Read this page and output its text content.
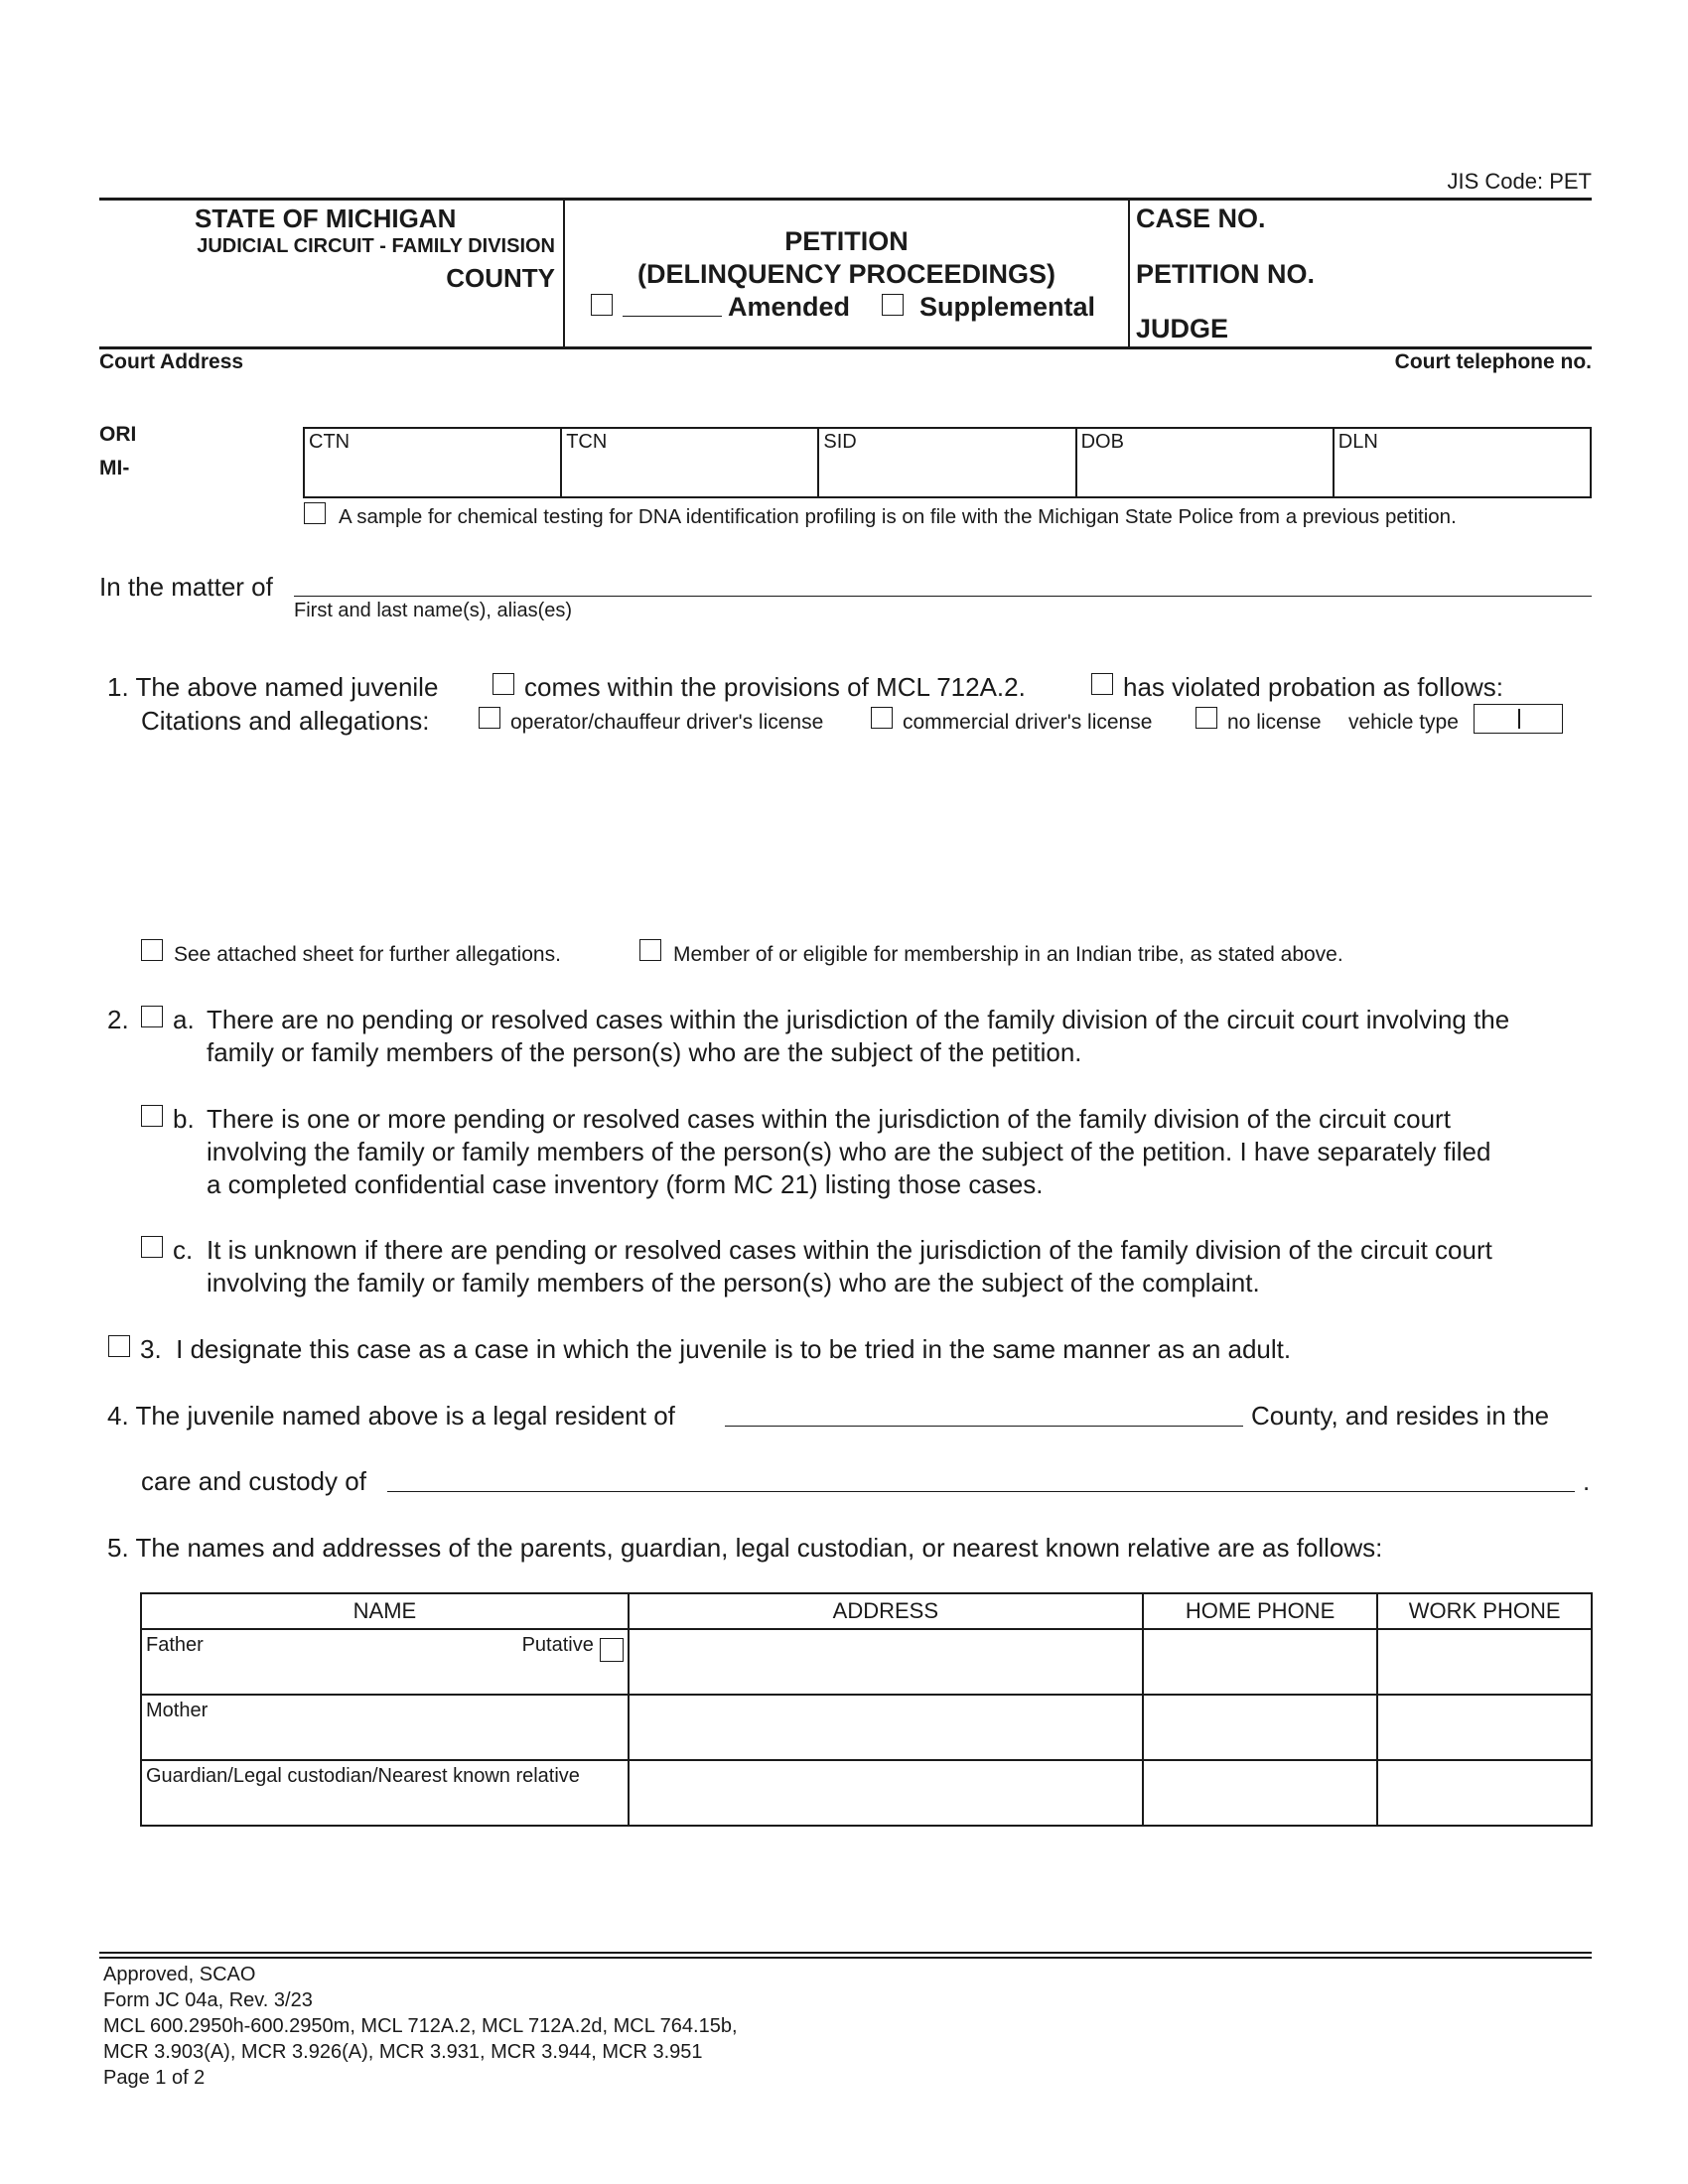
JIS Code: PET
STATE OF MICHIGAN
JUDICIAL CIRCUIT - FAMILY DIVISION
COUNTY
PETITION
(DELINQUENCY PROCEEDINGS)
Amended	Supplemental
CASE NO.
PETITION NO.
JUDGE
Court Address	Court telephone no.
ORI
MI-
CTN	TCN	SID	DOB	DLN
A sample for chemical testing for DNA identification profiling is on file with the Michigan State Police from a previous petition.
In the matter of
First and last name(s), alias(es)
1. The above named juvenile	comes within the provisions of MCL 712A.2.	has violated probation as follows:
Citations and allegations:	operator/chauffeur driver's license	commercial driver's license	no license vehicle type
See attached sheet for further allegations.	Member of or eligible for membership in an Indian tribe, as stated above.
2. a. There are no pending or resolved cases within the jurisdiction of the family division of the circuit court involving the
family or family members of the person(s) who are the subject of the petition.
b. There is one or more pending or resolved cases within the jurisdiction of the family division of the circuit court
involving the family or family members of the person(s) who are the subject of the petition. I have separately filed
a completed confidential case inventory (form MC 21) listing those cases.
c. It is unknown if there are pending or resolved cases within the jurisdiction of the family division of the circuit court
involving the family or family members of the person(s) who are the subject of the complaint.
3.  I designate this case as a case in which the juvenile is to be tried in the same manner as an adult.
4. The juvenile named above is a legal resident of	County, and resides in the
care and custody of	.
5. The names and addresses of the parents, guardian, legal custodian, or nearest known relative are as follows:
NAME	ADDRESS	HOME PHONE	WORK PHONE
Father Putative			

Mother			
Guardian/Legal custodian/Nearest known relative			
Approved, SCAO
Form JC 04a, Rev. 3/23
MCL 600.2950h-600.2950m, MCL 712A.2, MCL 712A.2d, MCL 764.15b,
MCR 3.903(A), MCR 3.926(A), MCR 3.931, MCR 3.944, MCR 3.951
Page 1 of 2
